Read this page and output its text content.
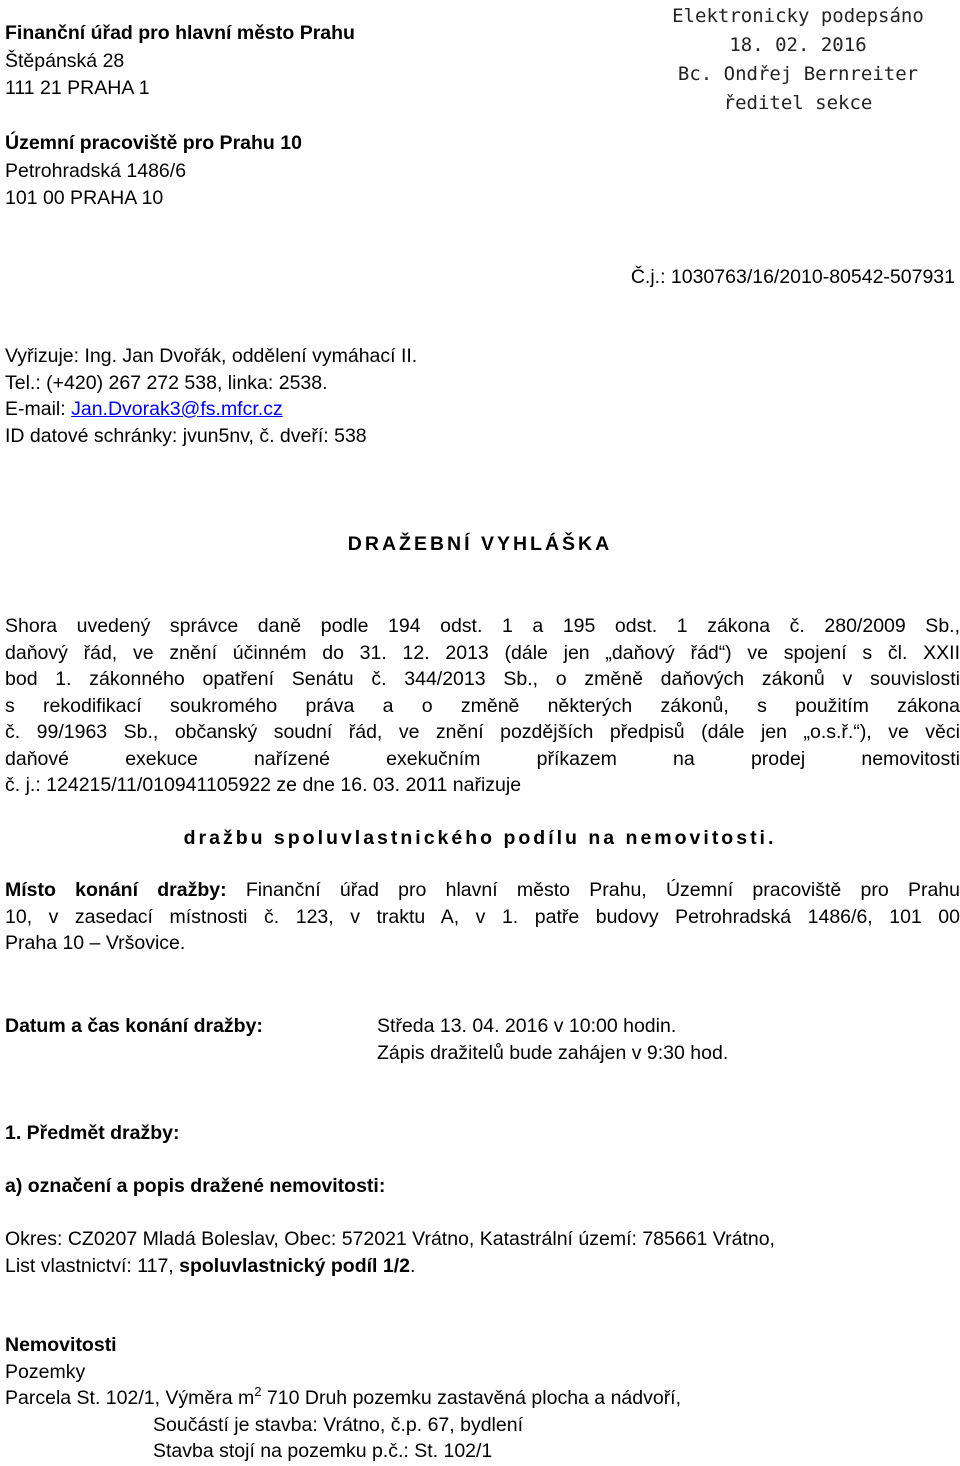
Finanční úřad pro hlavní město Prahu
Štěpánská 28
111 21 PRAHA 1
Územní pracoviště pro Prahu 10
Petrohradská 1486/6
101 00 PRAHA 10
Elektronicky podepsáno
18. 02. 2016
Bc. Ondřej Bernreiter
ředitel sekce
Č.j.: 1030763/16/2010-80542-507931
Vyřizuje: Ing. Jan Dvořák, oddělení vymáhací II.
Tel.: (+420) 267 272 538, linka: 2538.
E-mail: Jan.Dvorak3@fs.mfcr.cz
ID datové schránky: jvun5nv, č. dveří: 538
DRAŽEBNÍ VYHLÁŠKA
Shora uvedený správce daně podle 194 odst. 1 a 195 odst. 1 zákona č. 280/2009 Sb.,
daňový řád, ve znění účinném do 31. 12. 2013 (dále jen „daňový řád“) ve spojení s čl. XXII
bod 1. zákonného opatření Senátu č. 344/2013 Sb., o změně daňových zákonů v souvislosti
s rekodifikací soukromého práva a o změně některých zákonů, s použitím zákona
č. 99/1963 Sb., občanský soudní řád, ve znění pozdějších předpisů (dále jen „o.s.ř.“), ve věci
daňové exekuce nařízené exekučním příkazem na prodej nemovitosti
č. j.: 124215/11/010941105922 ze dne 16. 03. 2011 nařizuje
dražbu spoluvlastnického podílu na nemovitosti.
Místo konání dražby: Finanční úřad pro hlavní město Prahu, Územní pracoviště pro Prahu
10, v zasedací místnosti č. 123, v traktu A, v 1. patře budovy Petrohradská 1486/6, 101 00
Praha 10 – Vršovice.
Datum a čas konání dražby:	Středa 13. 04. 2016 v 10:00 hodin.
Zápis dražitelů bude zahájen v 9:30 hod.
1. Předmět dražby:
a) označení a popis dražené nemovitosti:
Okres: CZ0207 Mladá Boleslav, Obec: 572021 Vrátno, Katastrální území: 785661 Vrátno,
List vlastnictví: 117, spoluvlastnický podíl 1/2.
Nemovitosti
Pozemky
Parcela St. 102/1, Výměra $m^2$ 710 Druh pozemku zastavěná plocha a nádvoří,
Součástí je stavba: Vrátno, č.p. 67, bydlení
Stavba stojí na pozemku p.č.: St. 102/1
